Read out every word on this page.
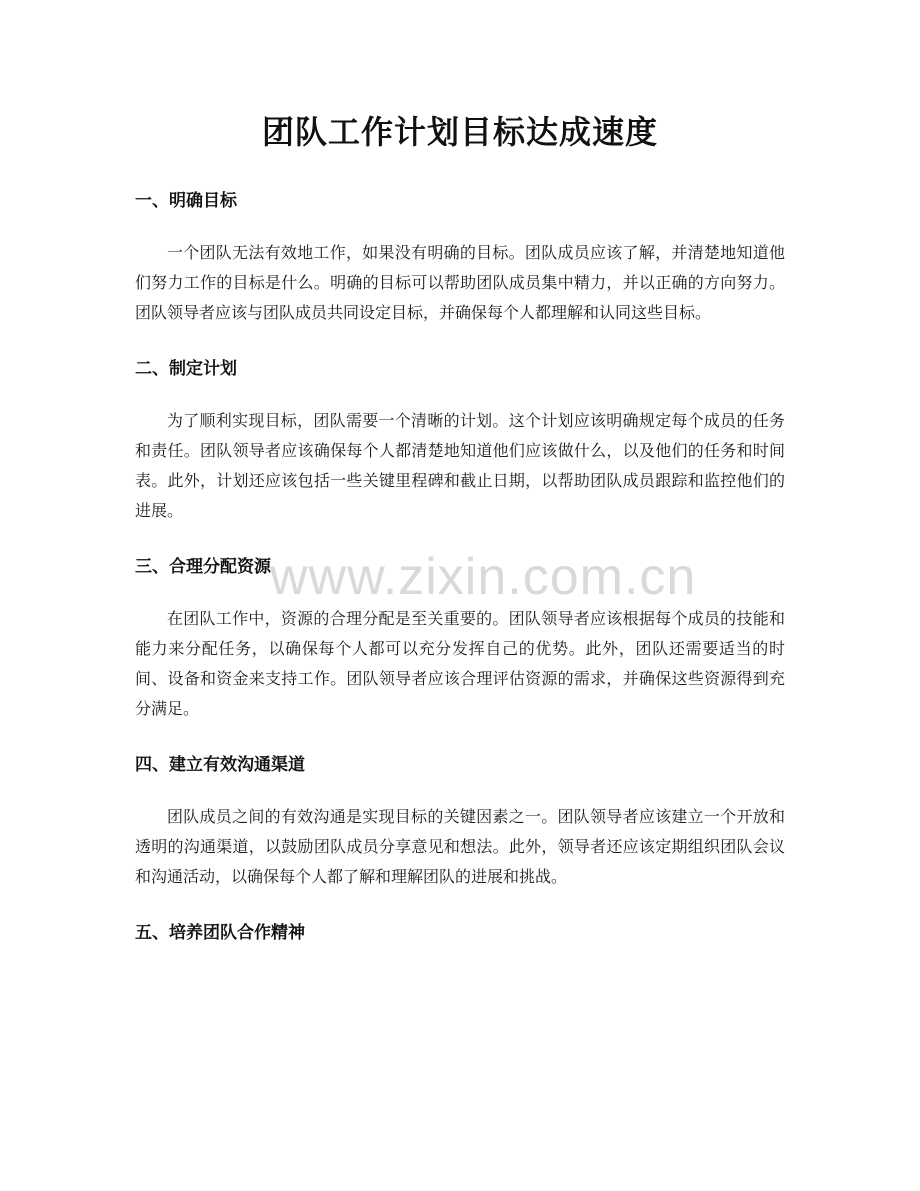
团队工作计划目标达成速度
一、明确目标

一个团队无法有效地工作，如果没有明确的目标。团队成员应该了解，并清楚地知道他们努力工作的目标是什么。明确的目标可以帮助团队成员集中精力，并以正确的方向努力。团队领导者应该与团队成员共同设定目标，并确保每个人都理解和认同这些目标。

二、制定计划

为了顺利实现目标，团队需要一个清晰的计划。这个计划应该明确规定每个成员的任务和责任。团队领导者应该确保每个人都清楚地知道他们应该做什么，以及他们的任务和时间表。此外，计划还应该包括一些关键里程碑和截止日期，以帮助团队成员跟踪和监控他们的进展。

三、合理分配资源

在团队工作中，资源的合理分配是至关重要的。团队领导者应该根据每个成员的技能和能力来分配任务，以确保每个人都可以充分发挥自己的优势。此外，团队还需要适当的时间、设备和资金来支持工作。团队领导者应该合理评估资源的需求，并确保这些资源得到充分满足。

四、建立有效沟通渠道

团队成员之间的有效沟通是实现目标的关键因素之一。团队领导者应该建立一个开放和透明的沟通渠道，以鼓励团队成员分享意见和想法。此外，领导者还应该定期组织团队会议和沟通活动，以确保每个人都了解和理解团队的进展和挑战。

五、培养团队合作精神
www.zixin.com.cn
